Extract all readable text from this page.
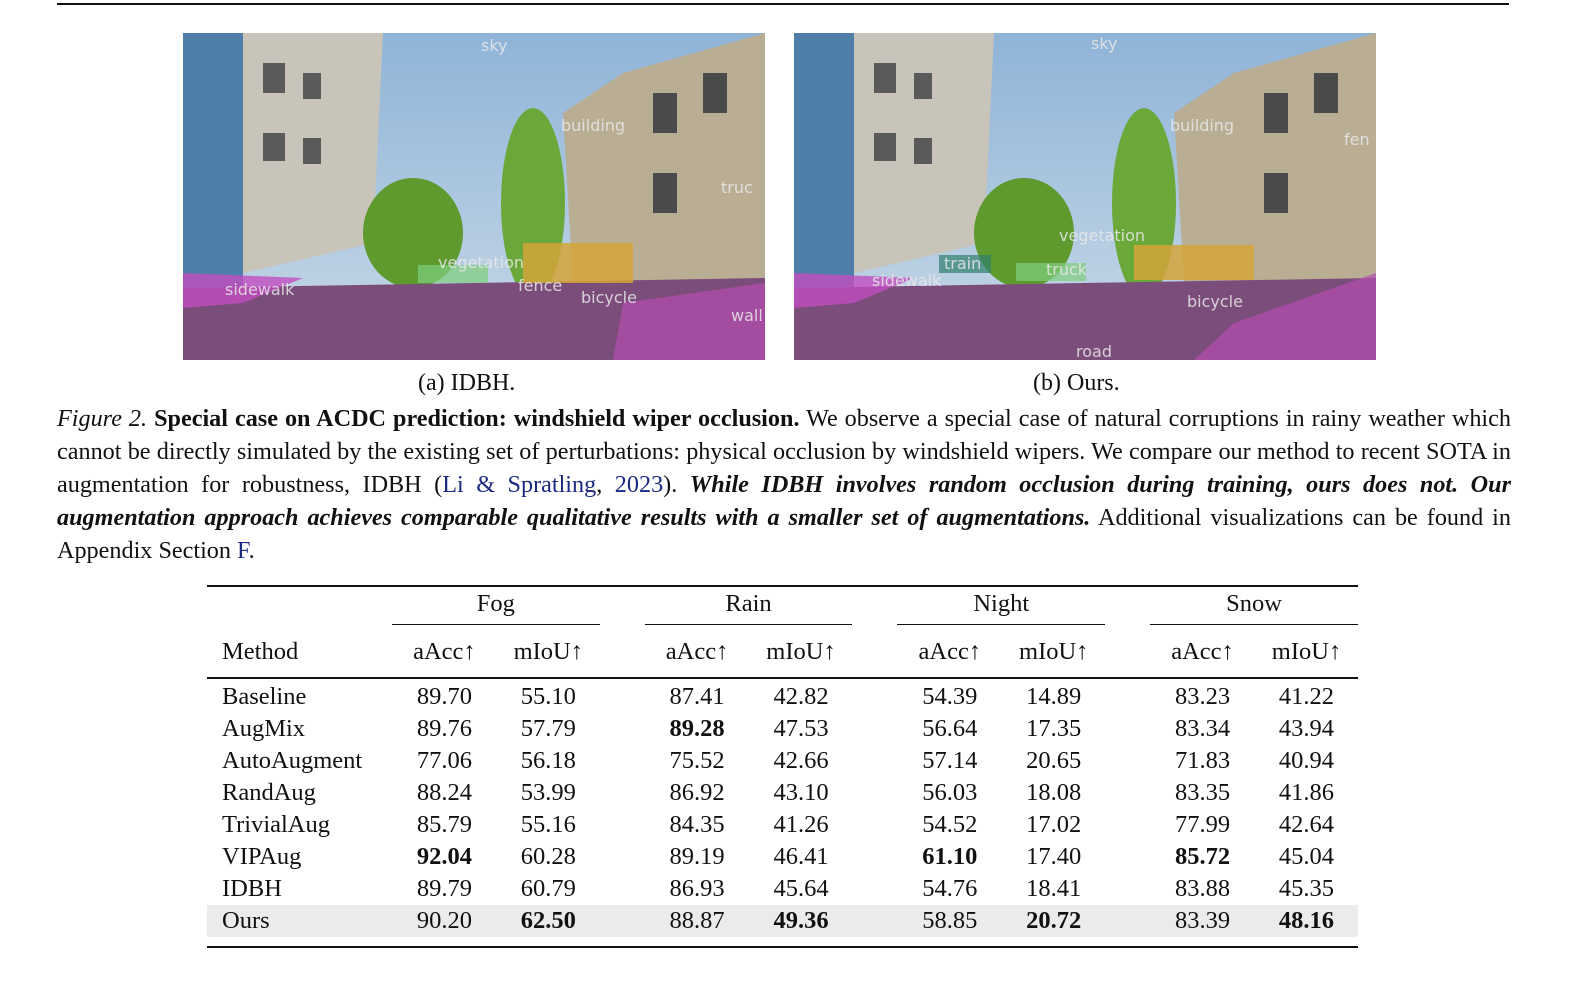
sky
building
truc
sidewalk
vegetation
fence
bicycle
wall
sky
building
fen
train
sidewalk
vegetation
truck
bicycle
road
(a) IDBH.	(b) Ours.
Figure 2. Special case on ACDC prediction: windshield wiper occlusion. We observe a special case of natural corruptions in rainy weather which cannot be directly simulated by the existing set of perturbations: physical occlusion by windshield wipers. We compare our method to recent SOTA in augmentation for robustness, IDBH (Li & Spratling, 2023). While IDBH involves random occlusion during training, ours does not. Our augmentation approach achieves comparable qualitative results with a smaller set of augmentations. Additional visualizations can be found in Appendix Section F.

	Fog			Rain			Night			Snow	

Method	aAcc↑	mIoU↑		aAcc↑	mIoU↑		aAcc↑	mIoU↑		aAcc↑	mIoU↑

Baseline	89.70	55.10		87.41	42.82		54.39	14.89		83.23	41.22
AugMix	89.76	57.79		89.28	47.53		56.64	17.35		83.34	43.94
AutoAugment	77.06	56.18		75.52	42.66		57.14	20.65		71.83	40.94
RandAug	88.24	53.99		86.92	43.10		56.03	18.08		83.35	41.86
TrivialAug	85.79	55.16		84.35	41.26		54.52	17.02		77.99	42.64
VIPAug	92.04	60.28		89.19	46.41		61.10	17.40		85.72	45.04
IDBH	89.79	60.79		86.93	45.64		54.76	18.41		83.88	45.35
Ours	90.20	62.50		88.87	49.36		58.85	20.72		83.39	48.16
